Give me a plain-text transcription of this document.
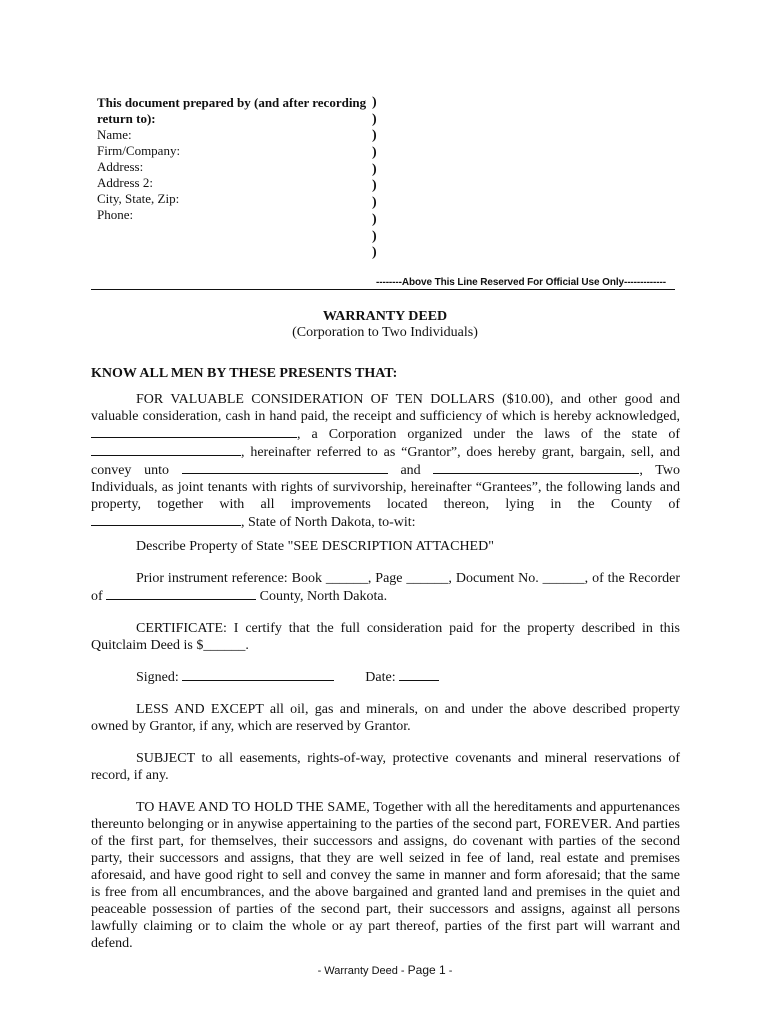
This document prepared by (and after recording
return to):
Name:
Firm/Company:
Address:
Address 2:
City, State, Zip:
Phone:
)
)
)
)
)
)
)
)
)
)
--------Above This Line Reserved For Official Use Only-------------
WARRANTY DEED
(Corporation to Two Individuals)
KNOW ALL MEN BY THESE PRESENTS THAT:
FOR VALUABLE CONSIDERATION OF TEN DOLLARS ($10.00), and other good and valuable consideration, cash in hand paid, the receipt and sufficiency of which is hereby acknowledged, , a Corporation organized under the laws of the state of , hereinafter referred to as “Grantor”, does hereby grant, bargain, sell, and convey unto	and	, Two Individuals, as joint tenants with rights of survivorship, hereinafter “Grantees”, the following lands and property, together with all improvements located thereon, lying in the County of , State of North Dakota, to-wit:
Describe Property of State "SEE DESCRIPTION ATTACHED"
Prior instrument reference: Book ______, Page ______, Document No. ______, of the Recorder of	County, North Dakota.
CERTIFICATE: I certify that the full consideration paid for the property described in this Quitclaim Deed is $______.
Signed:	Date:
LESS AND EXCEPT all oil, gas and minerals, on and under the above described property owned by Grantor, if any, which are reserved by Grantor.
SUBJECT to all easements, rights-of-way, protective covenants and mineral reservations of record, if any.
TO HAVE AND TO HOLD THE SAME, Together with all the hereditaments and appurtenances thereunto belonging or in anywise appertaining to the parties of the second part, FOREVER. And parties of the first part, for themselves, their successors and assigns, do covenant with parties of the second party, their successors and assigns, that they are well seized in fee of land, real estate and premises aforesaid, and have good right to sell and convey the same in manner and form aforesaid; that the same is free from all encumbrances, and the above bargained and granted land and premises in the quiet and peaceable possession of parties of the second part, their successors and assigns, against all persons lawfully claiming or to claim the whole or ay part thereof, parties of the first part will warrant and defend.
- Warranty Deed - Page 1 -
